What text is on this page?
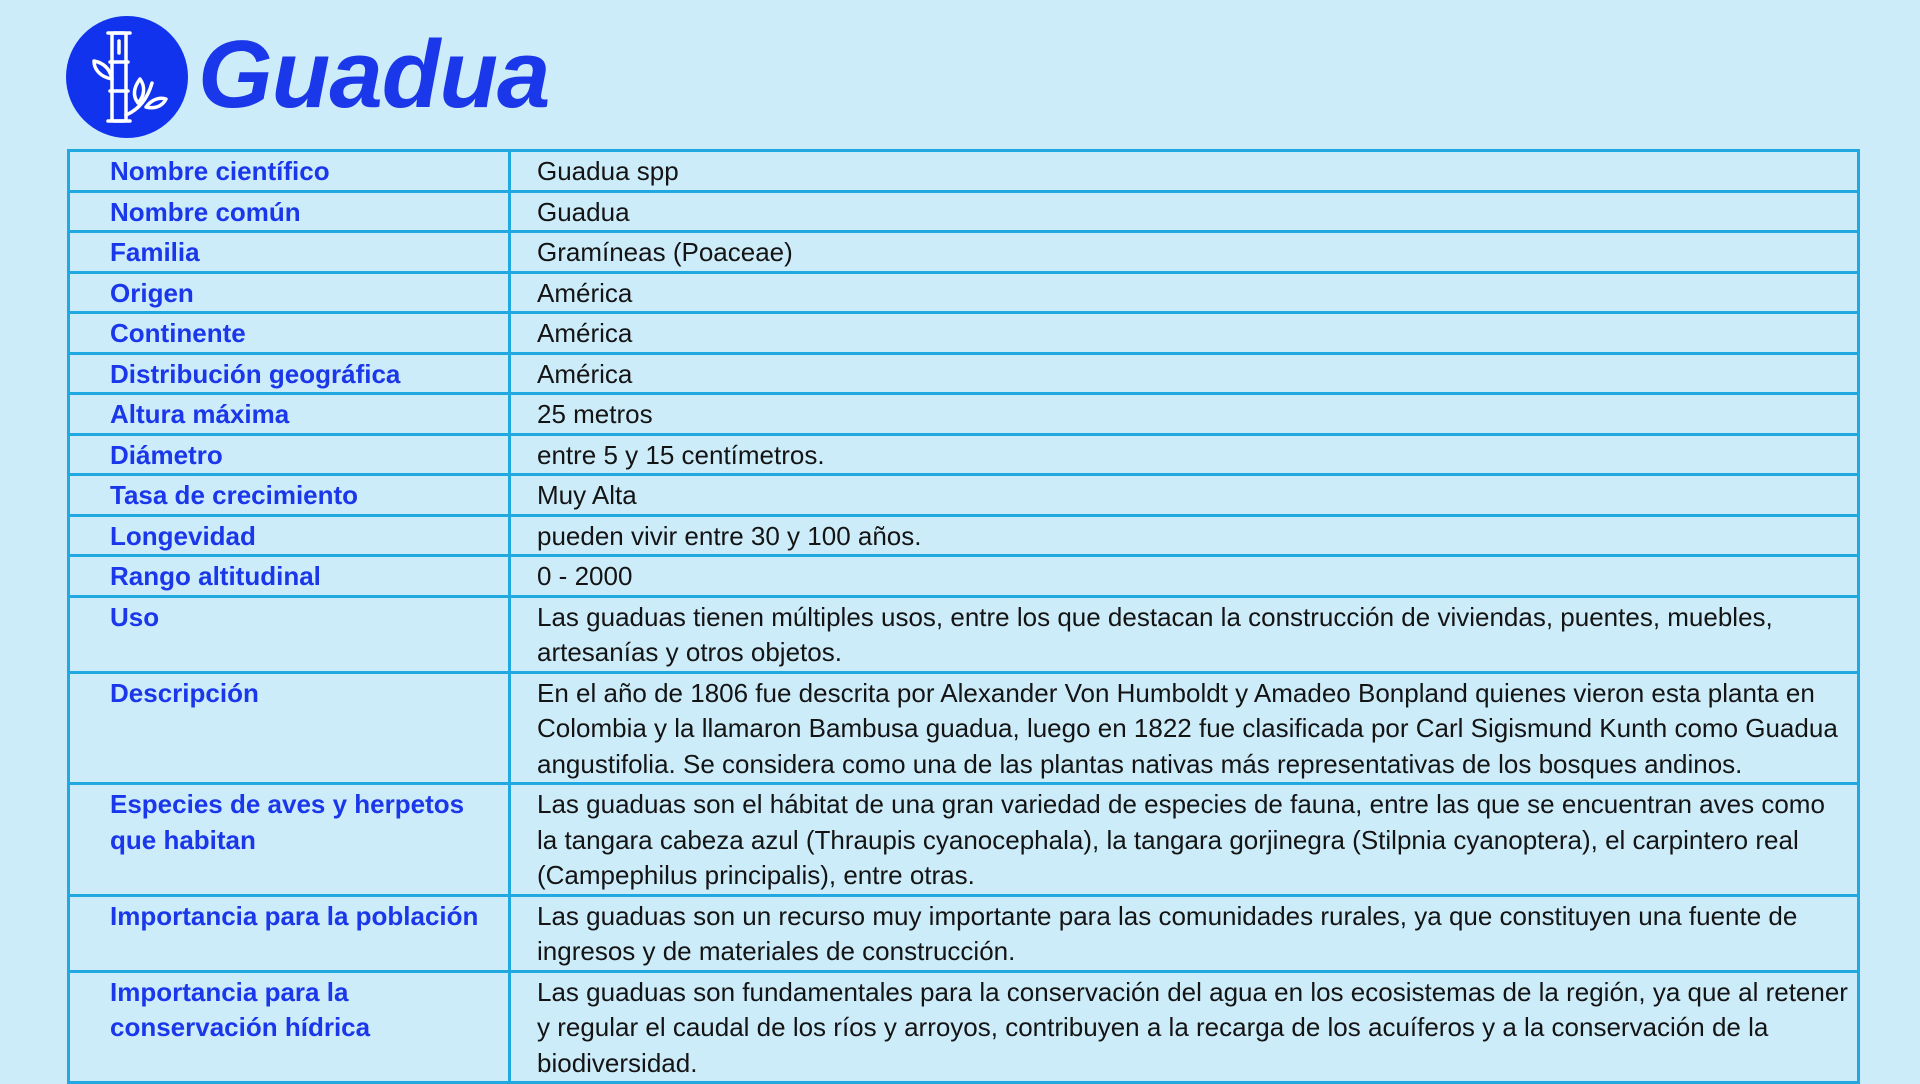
Guadua
Nombre científico	Guadua spp
Nombre común	Guadua
Familia	Gramíneas (Poaceae)
Origen	América
Continente	América
Distribución geográfica	América
Altura máxima	25 metros
Diámetro	entre 5 y 15 centímetros.
Tasa de crecimiento	Muy Alta
Longevidad	pueden vivir entre 30 y 100 años.
Rango altitudinal	0 - 2000
Uso	Las guaduas tienen múltiples usos, entre los que destacan la construcción de viviendas, puentes, muebles, artesanías y otros objetos.
Descripción	En el año de 1806 fue descrita por Alexander Von Humboldt y Amadeo Bonpland quienes vieron esta planta en Colombia y la llamaron Bambusa guadua, luego en 1822 fue clasificada por Carl Sigismund Kunth como Guadua angustifolia. Se considera como una de las plantas nativas más representativas de los bosques andinos.
Especies de aves y herpetos que habitan	Las guaduas son el hábitat de una gran variedad de especies de fauna, entre las que se encuentran aves como la tangara cabeza azul (Thraupis cyanocephala), la tangara gorjinegra (Stilpnia cyanoptera), el carpintero real (Campephilus principalis), entre otras.
Importancia para la población	Las guaduas son un recurso muy importante para las comunidades rurales, ya que constituyen una fuente de ingresos y de materiales de construcción.
Importancia para la conservación hídrica	Las guaduas son fundamentales para la conservación del agua en los ecosistemas de la región, ya que al retener y regular el caudal de los ríos y arroyos, contribuyen a la recarga de los acuíferos y a la conservación de la biodiversidad.
